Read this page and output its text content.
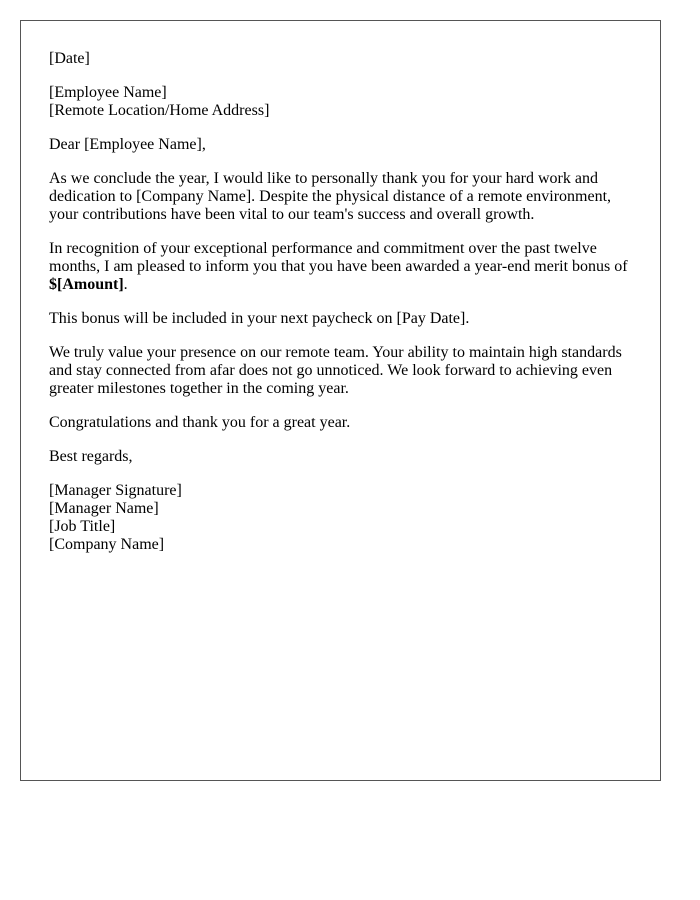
[Date]

[Employee Name]
[Remote Location/Home Address]

Dear [Employee Name],

As we conclude the year, I would like to personally thank you for your hard work and
dedication to [Company Name]. Despite the physical distance of a remote environment,
your contributions have been vital to our team's success and overall growth.

In recognition of your exceptional performance and commitment over the past twelve
months, I am pleased to inform you that you have been awarded a year-end merit bonus of
$[Amount].

This bonus will be included in your next paycheck on [Pay Date].

We truly value your presence on our remote team. Your ability to maintain high standards
and stay connected from afar does not go unnoticed. We look forward to achieving even
greater milestones together in the coming year.

Congratulations and thank you for a great year.

Best regards,

[Manager Signature]
[Manager Name]
[Job Title]
[Company Name]
